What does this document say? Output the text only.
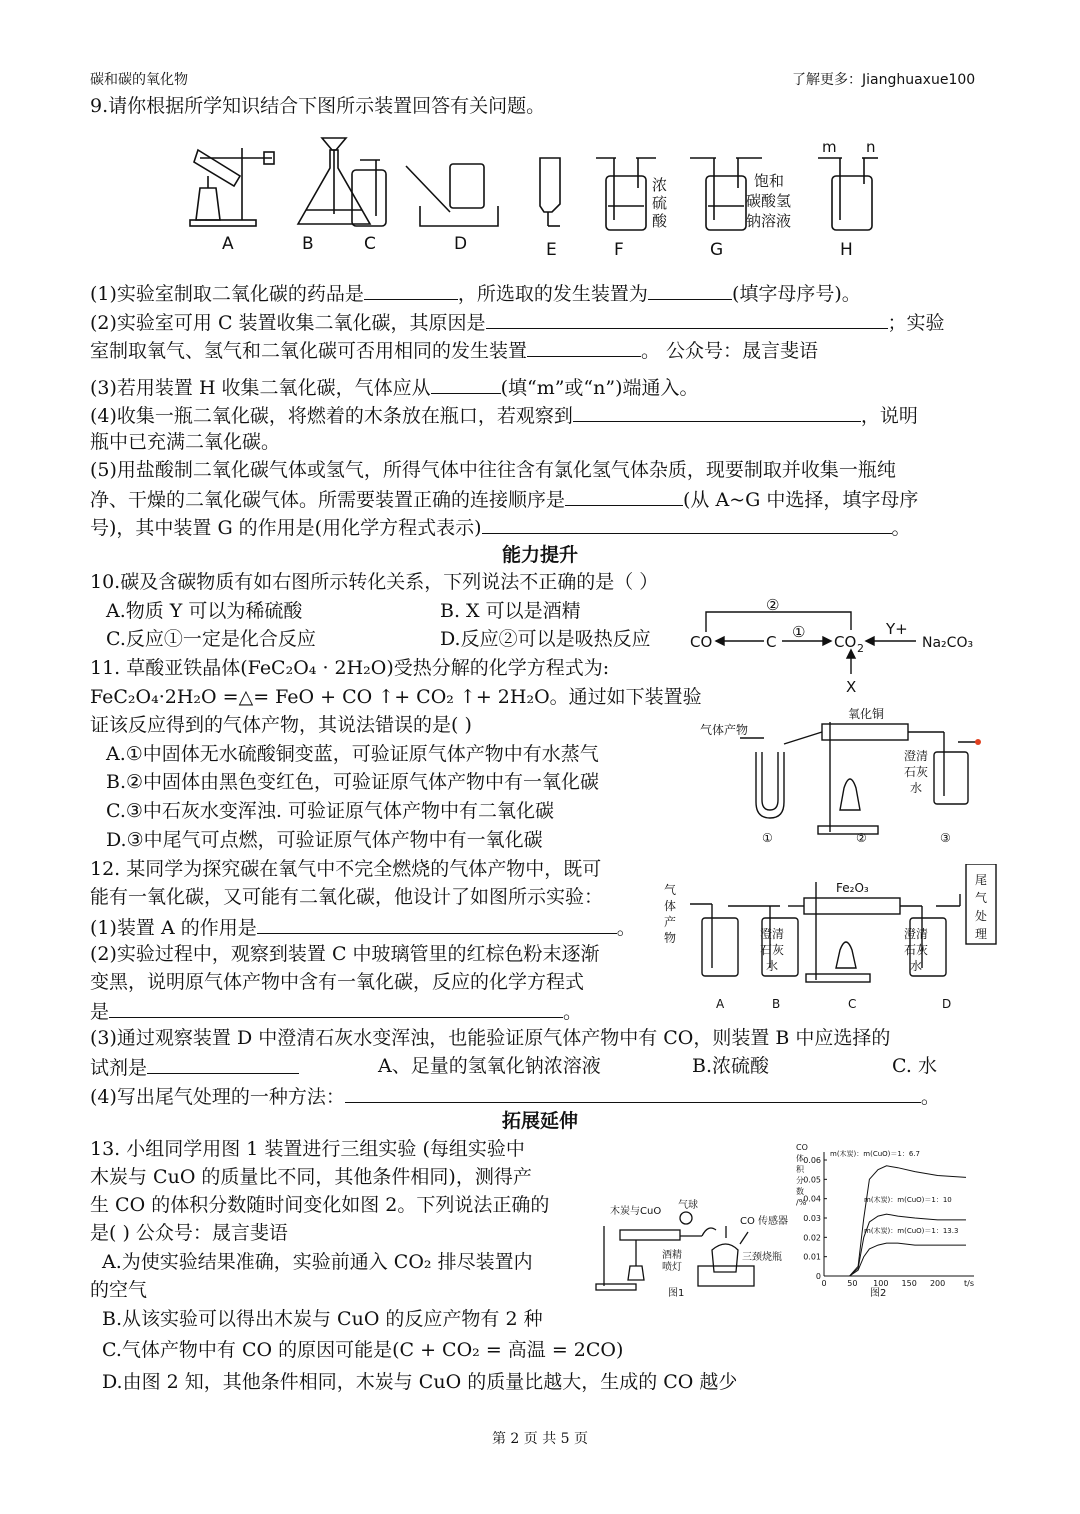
碳和碳的氧化物	了解更多：Jianghuaxue100
9.请你根据所学知识结合下图所示装置回答有关问题。
A	B	C	D	E	F	G	H
浓
硫
酸
饱和
碳酸氢
钠溶液
m n
(1)实验室制取二氧化碳的药品是	，所选取的发生装置为	(填字母序号)。
(2)实验室可用 C 装置收集二氧化碳，其原因是	；实验
室制取氧气、氢气和二氧化碳可否用相同的发生装置	。 公众号：晟言斐语
(3)若用装置 H 收集二氧化碳，气体应从	(填“m”或“n”)端通入。
(4)收集一瓶二氧化碳，将燃着的木条放在瓶口，若观察到	，说明
瓶中已充满二氧化碳。
(5)用盐酸制二氧化碳气体或氢气，所得气体中往往含有氯化氢气体杂质，现要制取并收集一瓶纯
净、干燥的二氧化碳气体。所需要装置正确的连接顺序是	(从 A~G 中选择，填字母序
号)，其中装置 G 的作用是(用化学方程式表示)	。
能力提升
10.碳及含碳物质有如右图所示转化关系，下列说法不正确的是（ ）
A.物质 Y 可以为稀硫酸	B. X 可以是酒精
C.反应①一定是化合反应	D.反应②可以是吸热反应
②
①
CO	C	CO 2
Y+
Na₂CO₃
X
11. 草酸亚铁晶体(FeC₂O₄ · 2H₂O)受热分解的化学方程式为:
FeC₂O₄·2H₂O =△= FeO + CO ↑+ CO₂ ↑+ 2H₂O。通过如下装置验
证该反应得到的气体产物，其说法错误的是( )
A.①中固体无水硫酸铜变蓝，可验证原气体产物中有水蒸气
B.②中固体由黑色变红色，可验证原气体产物中有一氧化碳
C.③中石灰水变浑浊. 可验证原气体产物中有二氧化碳
D.③中尾气可点燃，可验证原气体产物中有一氧化碳
气体产物
氧化铜
澄清
石灰
水
①	②	③
12. 某同学为探究碳在氧气中不完全燃烧的气体产物中，既可
能有一氧化碳，又可能有二氧化碳，他设计了如图所示实验：
(1)装置 A 的作用是	。
(2)实验过程中，观察到装置 C 中玻璃管里的红棕色粉末逐渐
变黑，说明原气体产物中含有一氧化碳，反应的化学方程式
是	。
气
体
产
物
Fe₂O₃
尾
气
处
理
澄清
石灰
水
澄清
石灰
水
A	B	C	D
(3)通过观察装置 D 中澄清石灰水变浑浊，也能验证原气体产物中有 CO，则装置 B 中应选择的
试剂是	A、足量的氢氧化钠浓溶液	B.浓硫酸	C. 水
(4)写出尾气处理的一种方法：	。
拓展延伸
13. 小组同学用图 1 装置进行三组实验 (每组实验中
木炭与 CuO 的质量比不同，其他条件相同)，测得产
生 CO 的体积分数随时间变化如图 2。下列说法正确的
是( ) 公众号：晟言斐语
A.为使实验结果准确，实验前通入 CO₂ 排尽装置内
的空气
B.从该实验可以得出木炭与 CuO 的反应产物有 2 种
C.气体产物中有 CO 的原因可能是(C + CO₂ = 高温 = 2CO)
D.由图 2 知，其他条件相同，木炭与 CuO 的质量比越大，生成的 CO 越少
木炭与CuO
气球
CO 传感器
酒精
喷灯
三颈烧瓶
图1
0
0.01
0.02
0.03
0.04
0.05
0.06
0	50 100 150 200 t/s
CO
体
积
分
数
/%
m(木炭)：m(CuO)＝1：6.7
m(木炭)：m(CuO)＝1：10
m(木炭)：m(CuO)＝1：13.3
图2
第 2 页 共 5 页
